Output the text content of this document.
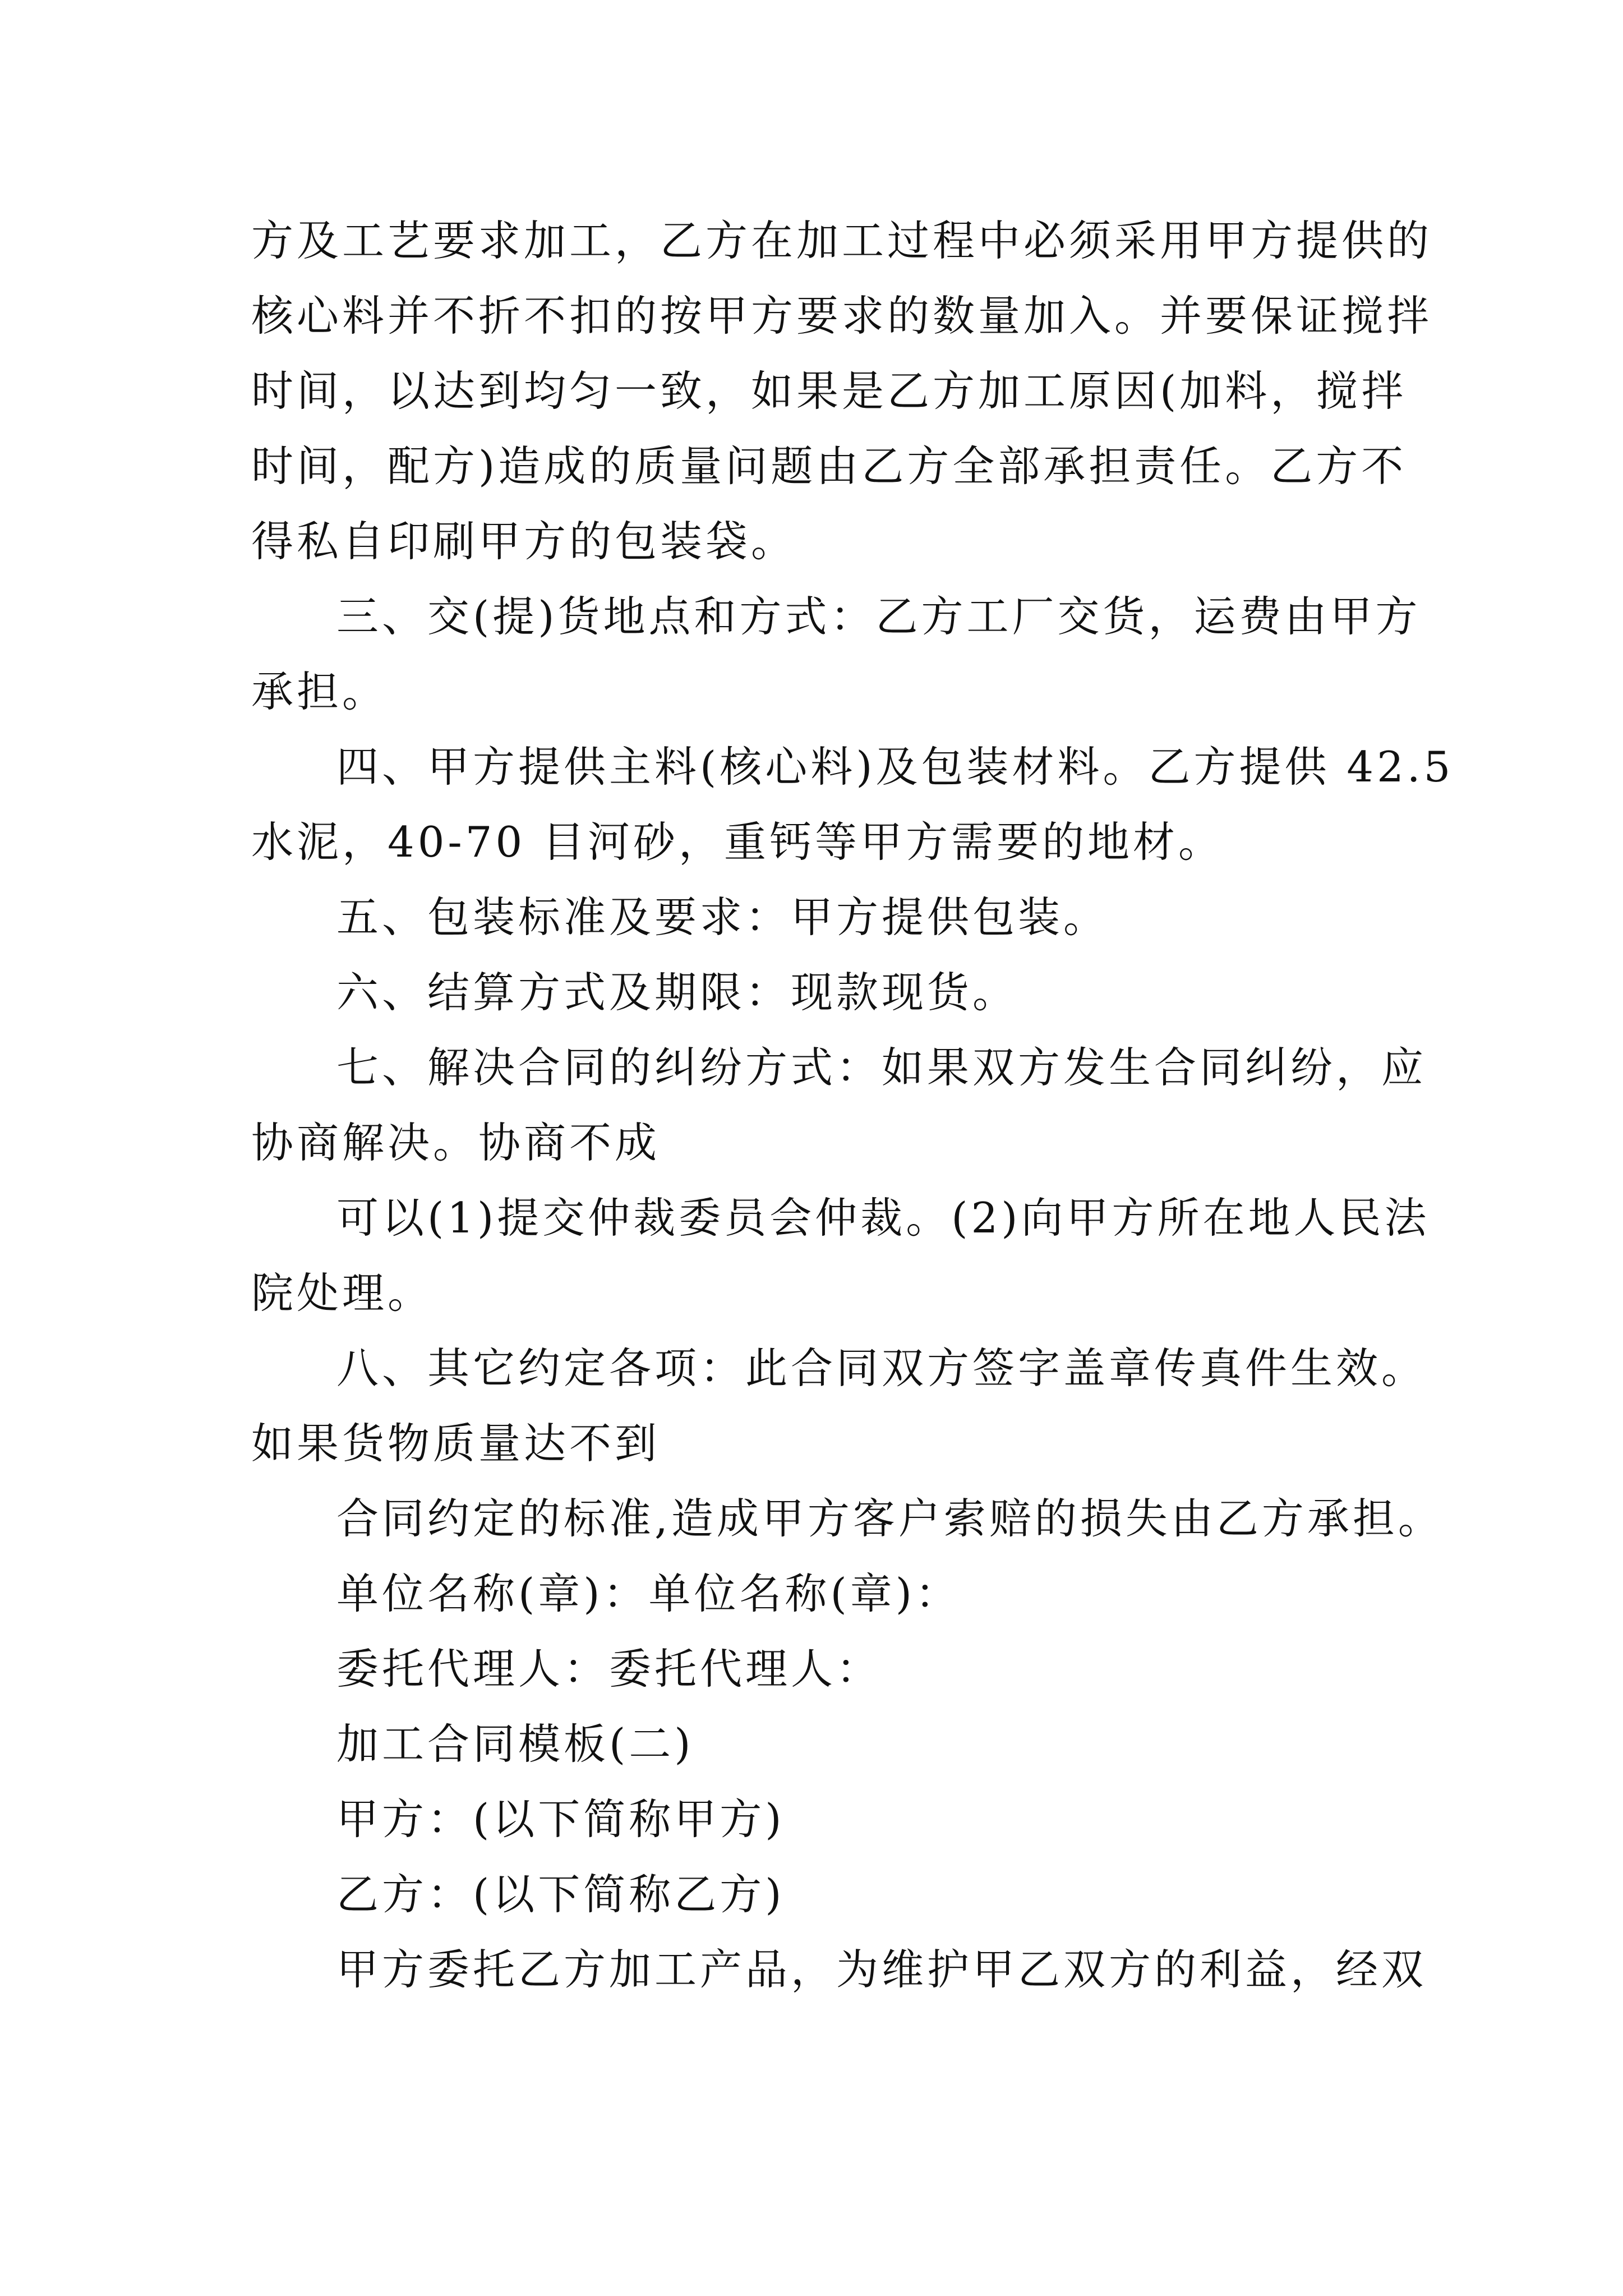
方及工艺要求加工，乙方在加工过程中必须采用甲方提供的
核心料并不折不扣的按甲方要求的数量加入。并要保证搅拌
时间，以达到均匀一致，如果是乙方加工原因(加料，搅拌
时间，配方)造成的质量问题由乙方全部承担责任。乙方不
得私自印刷甲方的包装袋。
三、交(提)货地点和方式：乙方工厂交货，运费由甲方
承担。
四、甲方提供主料(核心料)及包装材料。乙方提供 42.5
水泥，40-70 目河砂，重钙等甲方需要的地材。
五、包装标准及要求：甲方提供包装。
六、结算方式及期限：现款现货。
七、解决合同的纠纷方式：如果双方发生合同纠纷，应
协商解决。协商不成
可以(1)提交仲裁委员会仲裁。(2)向甲方所在地人民法
院处理。
八、其它约定各项：此合同双方签字盖章传真件生效。
如果货物质量达不到
合同约定的标准,造成甲方客户索赔的损失由乙方承担。
单位名称(章)：单位名称(章)：
委托代理人：委托代理人：
加工合同模板(二)
甲方：(以下简称甲方)
乙方：(以下简称乙方)
甲方委托乙方加工产品，为维护甲乙双方的利益，经双
